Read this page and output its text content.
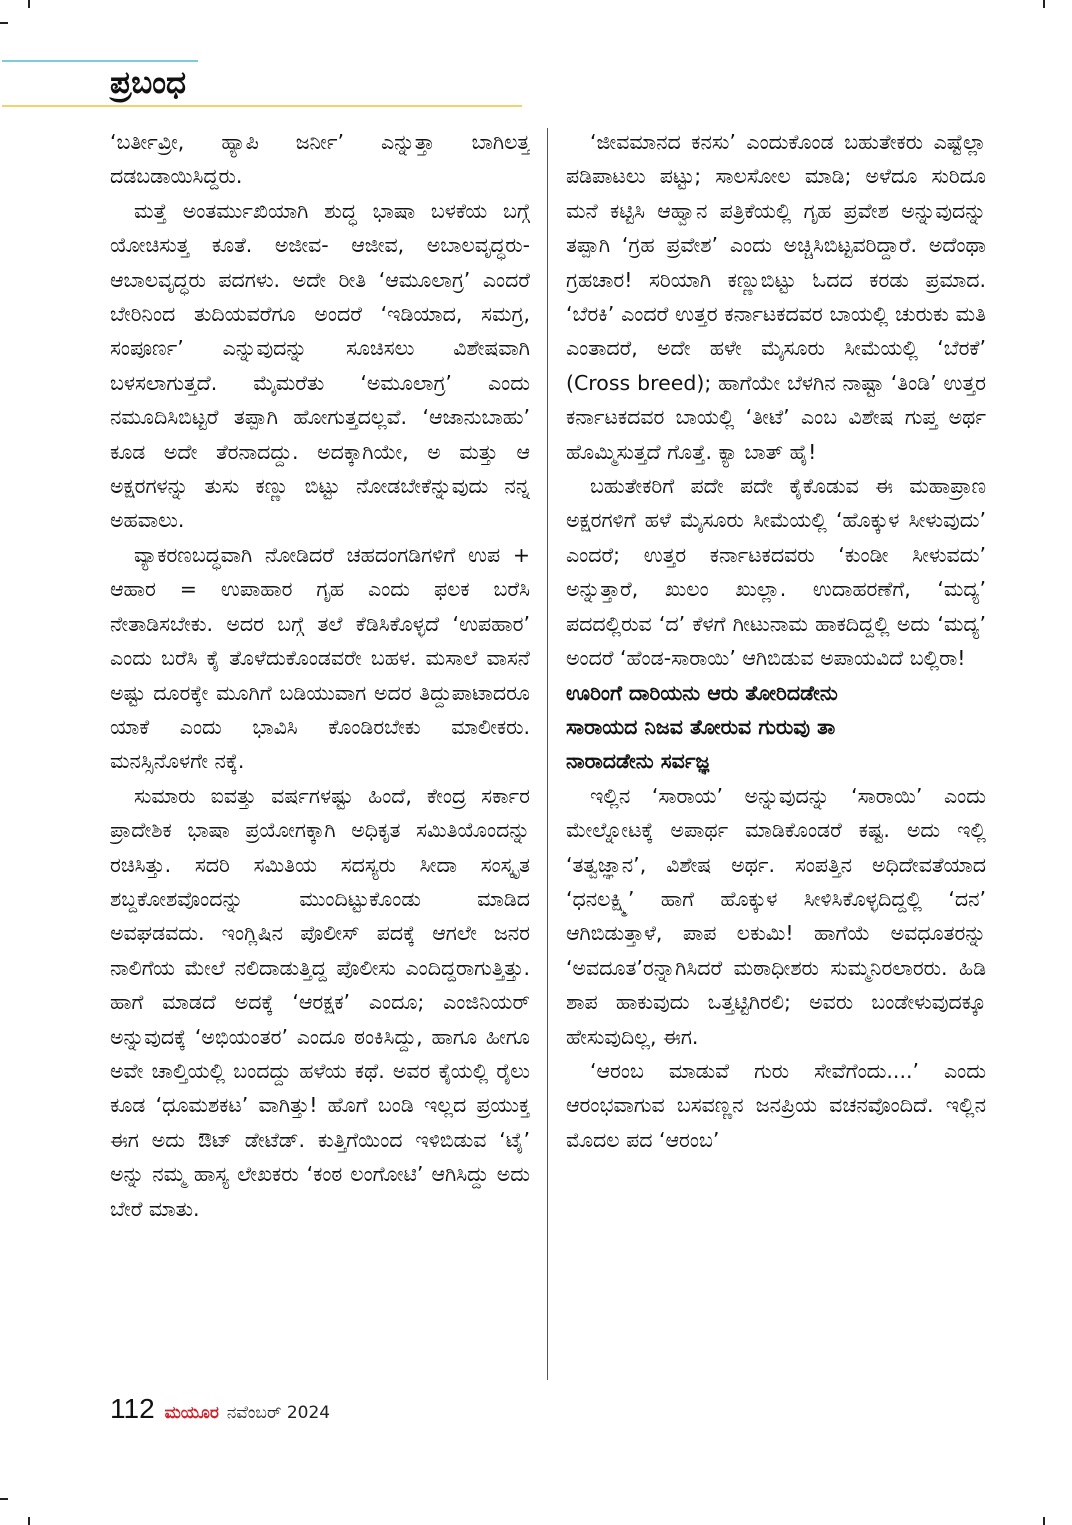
ಪ್ರಬಂಧ

‘ಬರ್ತೀವ್ರೀ, ಹ್ಯಾಪಿ ಜರ್ನೀ’ ಎನ್ನುತ್ತಾ ಬಾಗಿಲತ್ತ ದಡಬಡಾಯಿಸಿದ್ದರು.

ಮತ್ತೆ ಅಂತರ್ಮುಖಿಯಾಗಿ ಶುದ್ಧ ಭಾಷಾ ಬಳಕೆಯ ಬಗ್ಗೆ ಯೋಚಿಸುತ್ತ ಕೂತೆ. ಅಜೀವ- ಆಜೀವ, ಅಬಾಲವೃದ್ಧರು- ಆಬಾಲವೃದ್ಧರು ಪದಗಳು. ಅದೇ ರೀತಿ ‘ಆಮೂಲಾಗ್ರ’ ಎಂದರೆ ಬೇರಿನಿಂದ ತುದಿಯವರೆಗೂ ಅಂದರೆ ‘ಇಡಿಯಾದ, ಸಮಗ್ರ, ಸಂಪೂರ್ಣ’ ಎನ್ನುವುದನ್ನು ಸೂಚಿಸಲು ವಿಶೇಷವಾಗಿ ಬಳಸಲಾಗುತ್ತದೆ. ಮೈಮರೆತು ‘ಅಮೂಲಾಗ್ರ’ ಎಂದು ನಮೂದಿಸಿಬಿಟ್ಟರೆ ತಪ್ಪಾಗಿ ಹೋಗುತ್ತದಲ್ಲವೆ. ‘ಆಜಾನುಬಾಹು’ ಕೂಡ ಅದೇ ತೆರನಾದದ್ದು. ಅದಕ್ಕಾಗಿಯೇ, ಅ ಮತ್ತು ಆ ಅಕ್ಷರಗಳನ್ನು ತುಸು ಕಣ್ಣು ಬಿಟ್ಟು ನೋಡಬೇಕೆನ್ನುವುದು ನನ್ನ ಅಹವಾಲು.

ವ್ಯಾಕರಣಬದ್ಧವಾಗಿ ನೋಡಿದರೆ ಚಹದಂಗಡಿಗಳಿಗೆ ಉಪ + ಆಹಾರ = ಉಪಾಹಾರ ಗೃಹ ಎಂದು ಫಲಕ ಬರೆಸಿ ನೇತಾಡಿಸಬೇಕು. ಅದರ ಬಗ್ಗೆ ತಲೆ ಕೆಡಿಸಿಕೊಳ್ಳದೆ ‘ಉಪಹಾರ’ ಎಂದು ಬರೆಸಿ ಕೈ ತೊಳೆದುಕೊಂಡವರೇ ಬಹಳ. ಮಸಾಲೆ ವಾಸನೆ ಅಷ್ಟು ದೂರಕ್ಕೇ ಮೂಗಿಗೆ ಬಡಿಯುವಾಗ ಅದರ ತಿದ್ದುಪಾಟಾದರೂ ಯಾಕೆ ಎಂದು ಭಾವಿಸಿ ಕೊಂಡಿರಬೇಕು ಮಾಲೀಕರು. ಮನಸ್ಸಿನೊಳಗೇ ನಕ್ಕೆ.

ಸುಮಾರು ಐವತ್ತು ವರ್ಷಗಳಷ್ಟು ಹಿಂದೆ, ಕೇಂದ್ರ ಸರ್ಕಾರ ಪ್ರಾದೇಶಿಕ ಭಾಷಾ ಪ್ರಯೋಗಕ್ಕಾಗಿ ಅಧಿಕೃತ ಸಮಿತಿಯೊಂದನ್ನು ರಚಿಸಿತ್ತು. ಸದರಿ ಸಮಿತಿಯ ಸದಸ್ಯರು ಸೀದಾ ಸಂಸ್ಕೃತ ಶಬ್ದಕೋಶವೊಂದನ್ನು ಮುಂದಿಟ್ಟುಕೊಂಡು ಮಾಡಿದ ಅವಘಡವದು. ಇಂಗ್ಲಿಷಿನ ಪೊಲೀಸ್ ಪದಕ್ಕೆ ಆಗಲೇ ಜನರ ನಾಲಿಗೆಯ ಮೇಲೆ ನಲಿದಾಡುತ್ತಿದ್ದ ಪೊಲೀಸು ಎಂದಿದ್ದರಾಗುತ್ತಿತ್ತು. ಹಾಗೆ ಮಾಡದೆ ಅದಕ್ಕೆ ‘ಆರಕ್ಷಕ’ ಎಂದೂ; ಎಂಜಿನಿಯರ್ ಅನ್ನುವುದಕ್ಕೆ ‘ಅಭಿಯಂತರ’ ಎಂದೂ ಠಂಕಿಸಿದ್ದು, ಹಾಗೂ ಹೀಗೂ ಅವೇ ಚಾಲ್ತಿಯಲ್ಲಿ ಬಂದದ್ದು ಹಳೆಯ ಕಥೆ. ಅವರ ಕೈಯಲ್ಲಿ ರೈಲು ಕೂಡ ‘ಧೂಮಶಕಟ’ ವಾಗಿತ್ತು! ಹೊಗೆ ಬಂಡಿ ಇಲ್ಲದ ಪ್ರಯುಕ್ತ ಈಗ ಅದು ಔಟ್ ಡೇಟೆಡ್. ಕುತ್ತಿಗೆಯಿಂದ ಇಳಿಬಿಡುವ ‘ಟೈ’ ಅನ್ನು ನಮ್ಮ ಹಾಸ್ಯ ಲೇಖಕರು ‘ಕಂಠ ಲಂಗೋಟಿ’ ಆಗಿಸಿದ್ದು ಅದು ಬೇರೆ ಮಾತು.

‘ಜೀವಮಾನದ ಕನಸು’ ಎಂದುಕೊಂಡ ಬಹುತೇಕರು ಎಷ್ಟೆಲ್ಲಾ ಪಡಿಪಾಟಲು ಪಟ್ಟು; ಸಾಲಸೋಲ ಮಾಡಿ; ಅಳೆದೂ ಸುರಿದೂ ಮನೆ ಕಟ್ಟಿಸಿ ಆಹ್ವಾನ ಪತ್ರಿಕೆಯಲ್ಲಿ ಗೃಹ ಪ್ರವೇಶ ಅನ್ನುವುದನ್ನು ತಪ್ಪಾಗಿ ‘ಗ್ರಹ ಪ್ರವೇಶ’ ಎಂದು ಅಚ್ಚಿಸಿಬಿಟ್ಟವರಿದ್ದಾರೆ. ಅದೆಂಥಾ ಗ್ರಹಚಾರ! ಸರಿಯಾಗಿ ಕಣ್ಣುಬಿಟ್ಟು ಓದದ ಕರಡು ಪ್ರಮಾದ. ‘ಬೆರಕಿ’ ಎಂದರೆ ಉತ್ತರ ಕರ್ನಾಟಕದವರ ಬಾಯಲ್ಲಿ ಚುರುಕು ಮತಿ ಎಂತಾದರೆ, ಅದೇ ಹಳೇ ಮೈಸೂರು ಸೀಮೆಯಲ್ಲಿ ‘ಬೆರಕೆ’ (Cross breed); ಹಾಗೆಯೇ ಬೆಳಗಿನ ನಾಷ್ಟಾ ‘ತಿಂಡಿ’ ಉತ್ತರ ಕರ್ನಾಟಕದವರ ಬಾಯಲ್ಲಿ ‘ತೀಟೆ’ ಎಂಬ ವಿಶೇಷ ಗುಪ್ತ ಅರ್ಥ ಹೊಮ್ಮಿಸುತ್ತದೆ ಗೊತ್ತೆ. ಕ್ಯಾ ಬಾತ್ ಹೈ!

ಬಹುತೇಕರಿಗೆ ಪದೇ ಪದೇ ಕೈಕೊಡುವ ಈ ಮಹಾಪ್ರಾಣ ಅಕ್ಷರಗಳಿಗೆ ಹಳೆ ಮೈಸೂರು ಸೀಮೆಯಲ್ಲಿ ‘ಹೊಕ್ಕುಳ ಸೀಳುವುದು’ ಎಂದರೆ; ಉತ್ತರ ಕರ್ನಾಟಕದವರು ‘ಕುಂಡೀ ಸೀಳುವದು’ ಅನ್ನುತ್ತಾರೆ, ಖುಲಂ ಖುಲ್ಲಾ. ಉದಾಹರಣೆಗೆ, ‘ಮದ್ಯ’ ಪದದಲ್ಲಿರುವ ‘ದ’ ಕೆಳಗೆ ಗೀಟುನಾಮ ಹಾಕದಿದ್ದಲ್ಲಿ ಅದು ‘ಮದ್ಯ’ ಅಂದರೆ ‘ಹೆಂಡ-ಸಾರಾಯಿ’ ಆಗಿಬಿಡುವ ಅಪಾಯವಿದೆ ಬಲ್ಲಿರಾ!

ಊರಿಂಗೆ ದಾರಿಯನು ಆರು ತೋರಿದಡೇನು

ಸಾರಾಯದ ನಿಜವ ತೋರುವ ಗುರುವು ತಾ

ನಾರಾದಡೇನು ಸರ್ವಜ್ಞ

ಇಲ್ಲಿನ ‘ಸಾರಾಯ’ ಅನ್ನುವುದನ್ನು ‘ಸಾರಾಯಿ’ ಎಂದು ಮೇಲ್ನೋಟಕ್ಕೆ ಅಪಾರ್ಥ ಮಾಡಿಕೊಂಡರೆ ಕಷ್ಟ. ಅದು ಇಲ್ಲಿ ‘ತತ್ವಜ್ಞಾನ’, ವಿಶೇಷ ಅರ್ಥ. ಸಂಪತ್ತಿನ ಅಧಿದೇವತೆಯಾದ ‘ಧನಲಕ್ಷ್ಮಿ’ ಹಾಗೆ ಹೊಕ್ಕುಳ ಸೀಳಿಸಿಕೊಳ್ಳದಿದ್ದಲ್ಲಿ ‘ದನ’ ಆಗಿಬಿಡುತ್ತಾಳೆ, ಪಾಪ ಲಕುಮಿ! ಹಾಗೆಯೆ ಅವಧೂತರನ್ನು ‘ಅವದೂತ’ರನ್ನಾಗಿಸಿದರೆ ಮಠಾಧೀಶರು ಸುಮ್ಮನಿರಲಾರರು. ಹಿಡಿ ಶಾಪ ಹಾಕುವುದು ಒತ್ತಟ್ಟಿಗಿರಲಿ; ಅವರು ಬಂಡೇಳುವುದಕ್ಕೂ ಹೇಸುವುದಿಲ್ಲ, ಈಗ.

‘ಆರಂಬ ಮಾಡುವೆ ಗುರು ಸೇವೆಗೆಂದು....’ ಎಂದು ಆರಂಭವಾಗುವ ಬಸವಣ್ಣನ ಜನಪ್ರಿಯ ವಚನವೊಂದಿದೆ. ಇಲ್ಲಿನ ಮೊದಲ ಪದ ‘ಆರಂಬ’

112 ಮಯೂರ ನವೆಂಬರ್ 2024
